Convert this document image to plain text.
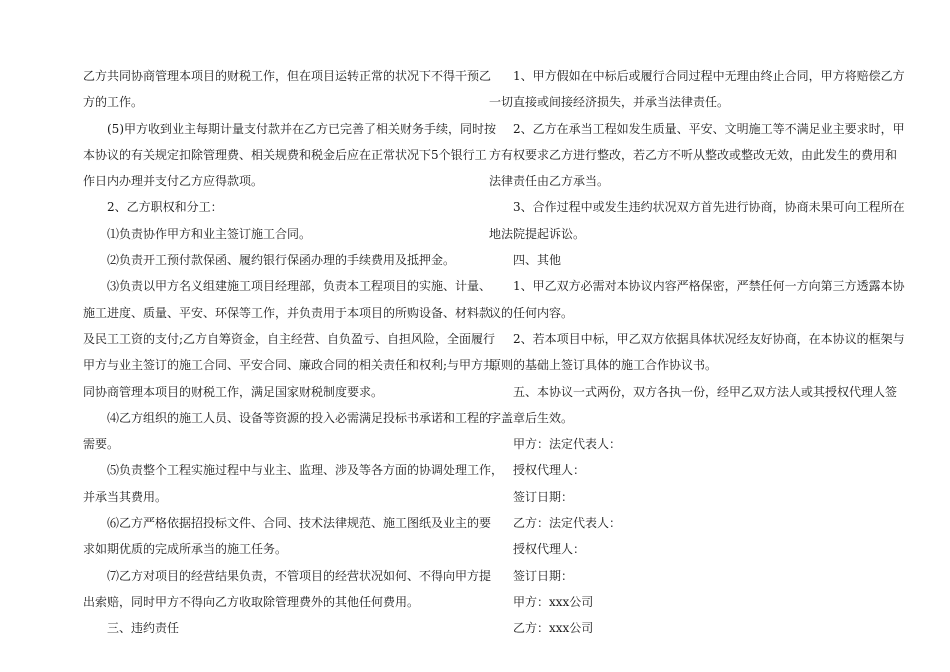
乙方共同协商管理本项目的财税工作，但在项目运转正常的状况下不得干预乙
方的工作。
(5)甲方收到业主每期计量支付款并在乙方已完善了相关财务手续，同时按
本协议的有关规定扣除管理费、相关规费和税金后应在正常状况下5个银行工
作日内办理并支付乙方应得款项。
2、乙方职权和分工：
⑴负责协作甲方和业主签订施工合同。
⑵负责开工预付款保函、履约银行保函办理的手续费用及抵押金。
⑶负责以甲方名义组建施工项目经理部，负责本工程项目的实施、计量、
施工进度、质量、平安、环保等工作，并负责用于本项目的所购设备、材料款
及民工工资的支付;乙方自筹资金，自主经营、自负盈亏、自担风险，全面履行
甲方与业主签订的施工合同、平安合同、廉政合同的相关责任和权利;与甲方共
同协商管理本项目的财税工作，满足国家财税制度要求。
⑷乙方组织的施工人员、设备等资源的投入必需满足投标书承诺和工程的
需要。
⑸负责整个工程实施过程中与业主、监理、涉及等各方面的协调处理工作，
并承当其费用。
⑹乙方严格依据招投标文件、合同、技术法律规范、施工图纸及业主的要
求如期优质的完成所承当的施工任务。
⑺乙方对项目的经营结果负责，不管项目的经营状况如何、不得向甲方提
出索赔，同时甲方不得向乙方收取除管理费外的其他任何费用。
三、违约责任
1、甲方假如在中标后或履行合同过程中无理由终止合同，甲方将赔偿乙方
一切直接或间接经济损失，并承当法律责任。
2、乙方在承当工程如发生质量、平安、文明施工等不满足业主要求时，甲
方有权要求乙方进行整改，若乙方不听从整改或整改无效，由此发生的费用和
法律责任由乙方承当。
3、合作过程中或发生违约状况双方首先进行协商，协商未果可向工程所在
地法院提起诉讼。
四、其他
1、甲乙双方必需对本协议内容严格保密，严禁任何一方向第三方透露本协
议的任何内容。
2、若本项目中标，甲乙双方依据具体状况经友好协商，在本协议的框架与
原则的基础上签订具体的施工合作协议书。
五、本协议一式两份，双方各执一份，经甲乙双方法人或其授权代理人签
字盖章后生效。
甲方：法定代表人：
授权代理人：
签订日期：
乙方：法定代表人：
授权代理人：
签订日期：
甲方：xxx公司
乙方：xxx公司
